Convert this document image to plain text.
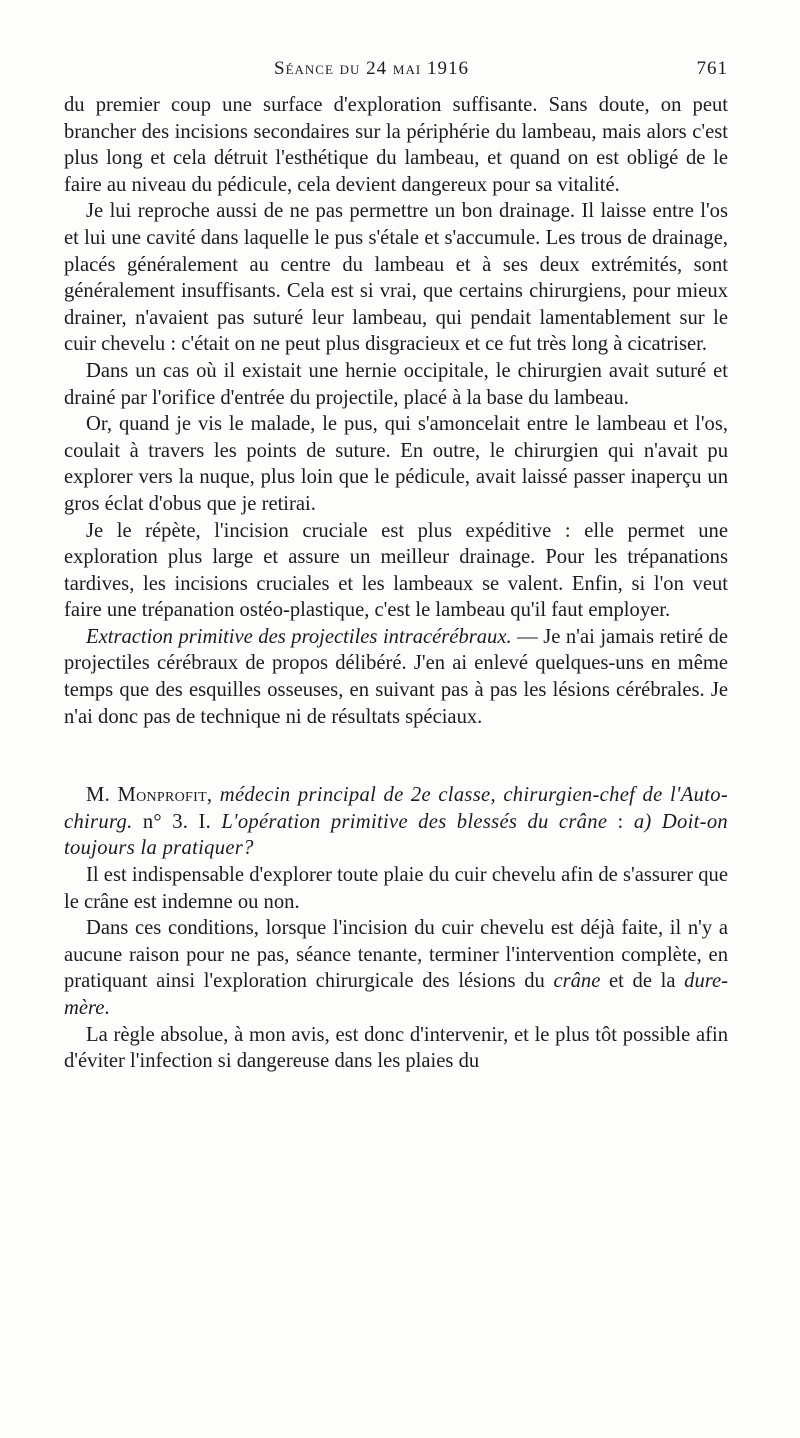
Séance du 24 mai 1916	761

du premier coup une surface d'exploration suffisante. Sans doute, on peut brancher des incisions secondaires sur la périphérie du lambeau, mais alors c'est plus long et cela détruit l'esthétique du lambeau, et quand on est obligé de le faire au niveau du pédicule, cela devient dangereux pour sa vitalité.

Je lui reproche aussi de ne pas permettre un bon drainage. Il laisse entre l'os et lui une cavité dans laquelle le pus s'étale et s'accumule. Les trous de drainage, placés généralement au centre du lambeau et à ses deux extrémités, sont généralement insuffisants. Cela est si vrai, que certains chirurgiens, pour mieux drainer, n'avaient pas suturé leur lambeau, qui pendait lamentablement sur le cuir chevelu : c'était on ne peut plus disgracieux et ce fut très long à cicatriser.

Dans un cas où il existait une hernie occipitale, le chirurgien avait suturé et drainé par l'orifice d'entrée du projectile, placé à la base du lambeau.

Or, quand je vis le malade, le pus, qui s'amoncelait entre le lambeau et l'os, coulait à travers les points de suture. En outre, le chirurgien qui n'avait pu explorer vers la nuque, plus loin que le pédicule, avait laissé passer inaperçu un gros éclat d'obus que je retirai.

Je le répète, l'incision cruciale est plus expéditive : elle permet une exploration plus large et assure un meilleur drainage. Pour les trépanations tardives, les incisions cruciales et les lambeaux se valent. Enfin, si l'on veut faire une trépanation ostéo-plastique, c'est le lambeau qu'il faut employer.

Extraction primitive des projectiles intracérébraux. — Je n'ai jamais retiré de projectiles cérébraux de propos délibéré. J'en ai enlevé quelques-uns en même temps que des esquilles osseuses, en suivant pas à pas les lésions cérébrales. Je n'ai donc pas de technique ni de résultats spéciaux.

M. Monprofit, médecin principal de 2e classe, chirurgien-chef de l'Auto-chirurg. n° 3. I. L'opération primitive des blessés du crâne : a) Doit-on toujours la pratiquer?

Il est indispensable d'explorer toute plaie du cuir chevelu afin de s'assurer que le crâne est indemne ou non.

Dans ces conditions, lorsque l'incision du cuir chevelu est déjà faite, il n'y a aucune raison pour ne pas, séance tenante, terminer l'intervention complète, en pratiquant ainsi l'exploration chirurgicale des lésions du crâne et de la dure-mère.

La règle absolue, à mon avis, est donc d'intervenir, et le plus tôt possible afin d'éviter l'infection si dangereuse dans les plaies du
